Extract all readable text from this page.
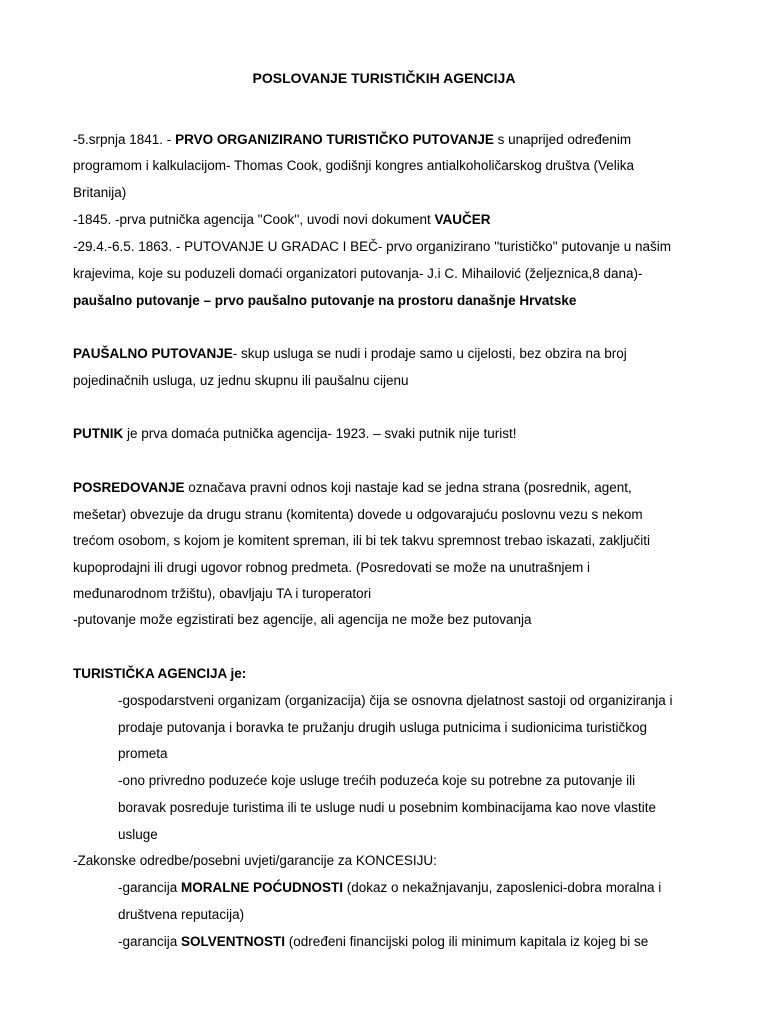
POSLOVANJE TURISTIČKIH AGENCIJA
-5.srpnja 1841. - PRVO ORGANIZIRANO TURISTIČKO PUTOVANJE s unaprijed određenim
programom i kalkulacijom- Thomas Cook, godišnji kongres antialkoholičarskog društva (Velika
Britanija)
-1845. -prva putnička agencija ''Cook'', uvodi novi dokument VAUČER
-29.4.-6.5. 1863. - PUTOVANJE U GRADAC I BEČ- prvo organizirano ''turističko'' putovanje u našim
krajevima, koje su poduzeli domaći organizatori putovanja- J.i C. Mihailović (željeznica,8 dana)-
paušalno putovanje – prvo paušalno putovanje na prostoru današnje Hrvatske
PAUŠALNO PUTOVANJE- skup usluga se nudi i prodaje samo u cijelosti, bez obzira na broj
pojedinačnih usluga, uz jednu skupnu ili paušalnu cijenu
PUTNIK je prva domaća putnička agencija- 1923. – svaki putnik nije turist!
POSREDOVANJE označava pravni odnos koji nastaje kad se jedna strana (posrednik, agent,
mešetar) obvezuje da drugu stranu (komitenta) dovede u odgovarajuću poslovnu vezu s nekom
trećom osobom, s kojom je komitent spreman, ili bi tek takvu spremnost trebao iskazati, zaključiti
kupoprodajni ili drugi ugovor robnog predmeta. (Posredovati se može na unutrašnjem i
međunarodnom tržištu), obavljaju TA i turoperatori
-putovanje može egzistirati bez agencije, ali agencija ne može bez putovanja
TURISTIČKA AGENCIJA je:
-gospodarstveni organizam (organizacija) čija se osnovna djelatnost sastoji od organiziranja i
prodaje putovanja i boravka te pružanju drugih usluga putnicima i sudionicima turističkog
prometa
-ono privredno poduzeće koje usluge trećih poduzeća koje su potrebne za putovanje ili
boravak posreduje turistima ili te usluge nudi u posebnim kombinacijama kao nove vlastite
usluge
-Zakonske odredbe/posebni uvjeti/garancije za KONCESIJU:
-garancija MORALNE POĆUDNOSTI (dokaz o nekažnjavanju, zaposlenici-dobra moralna i
društvena reputacija)
-garancija SOLVENTNOSTI (određeni financijski polog ili minimum kapitala iz kojeg bi se
